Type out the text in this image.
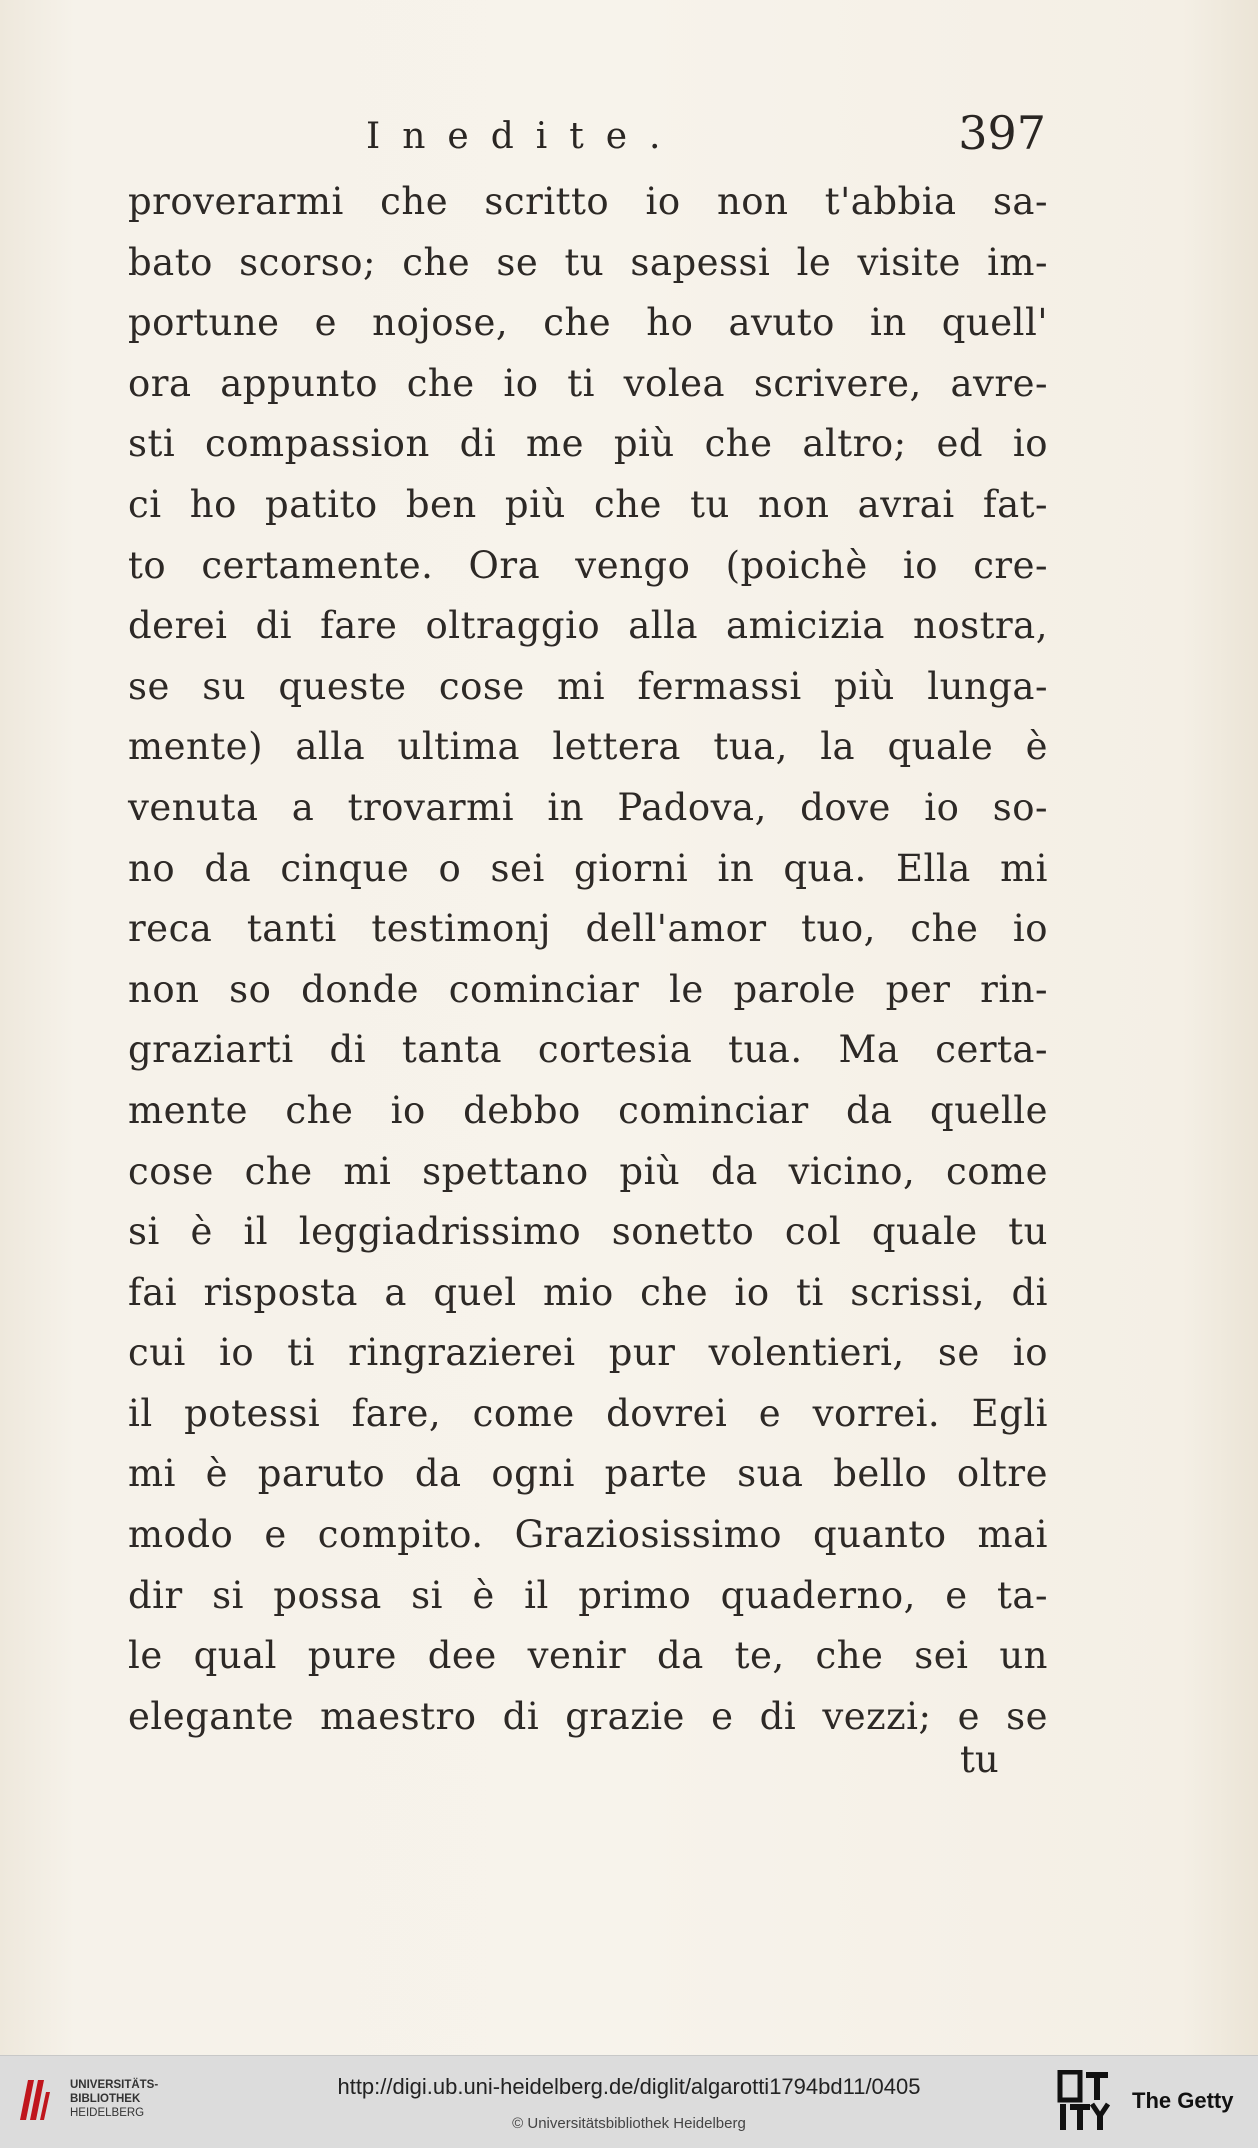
Inedite.	397
proverarmi che scritto io non t'abbia sa-
bato scorso; che se tu sapessi le visite im-
portune e nojose, che ho avuto in quell'
ora appunto che io ti volea scrivere, avre-
sti compassion di me più che altro; ed io
ci ho patito ben più che tu non avrai fat-
to certamente. Ora vengo (poichè io cre-
derei di fare oltraggio alla amicizia nostra,
se su queste cose mi fermassi più lunga-
mente) alla ultima lettera tua, la quale è
venuta a trovarmi in Padova, dove io so-
no da cinque o sei giorni in qua. Ella mi
reca tanti testimonj dell'amor tuo, che io
non so donde cominciar le parole per rin-
graziarti di tanta cortesia tua. Ma certa-
mente che io debbo cominciar da quelle
cose che mi spettano più da vicino, come
si è il leggiadrissimo sonetto col quale tu
fai risposta a quel mio che io ti scrissi, di
cui io ti ringrazierei pur volentieri, se io
il potessi fare, come dovrei e vorrei. Egli
mi è paruto da ogni parte sua bello oltre
modo e compito. Graziosissimo quanto mai
dir si possa si è il primo quaderno, e ta-
le qual pure dee venir da te, che sei un
elegante maestro di grazie e di vezzi; e se
tu
UNIVERSITÄTS-
BIBLIOTHEK
HEIDELBERG
http://digi.ub.uni-heidelberg.de/diglit/algarotti1794bd11/0405
© Universitätsbibliothek Heidelberg
The Getty
